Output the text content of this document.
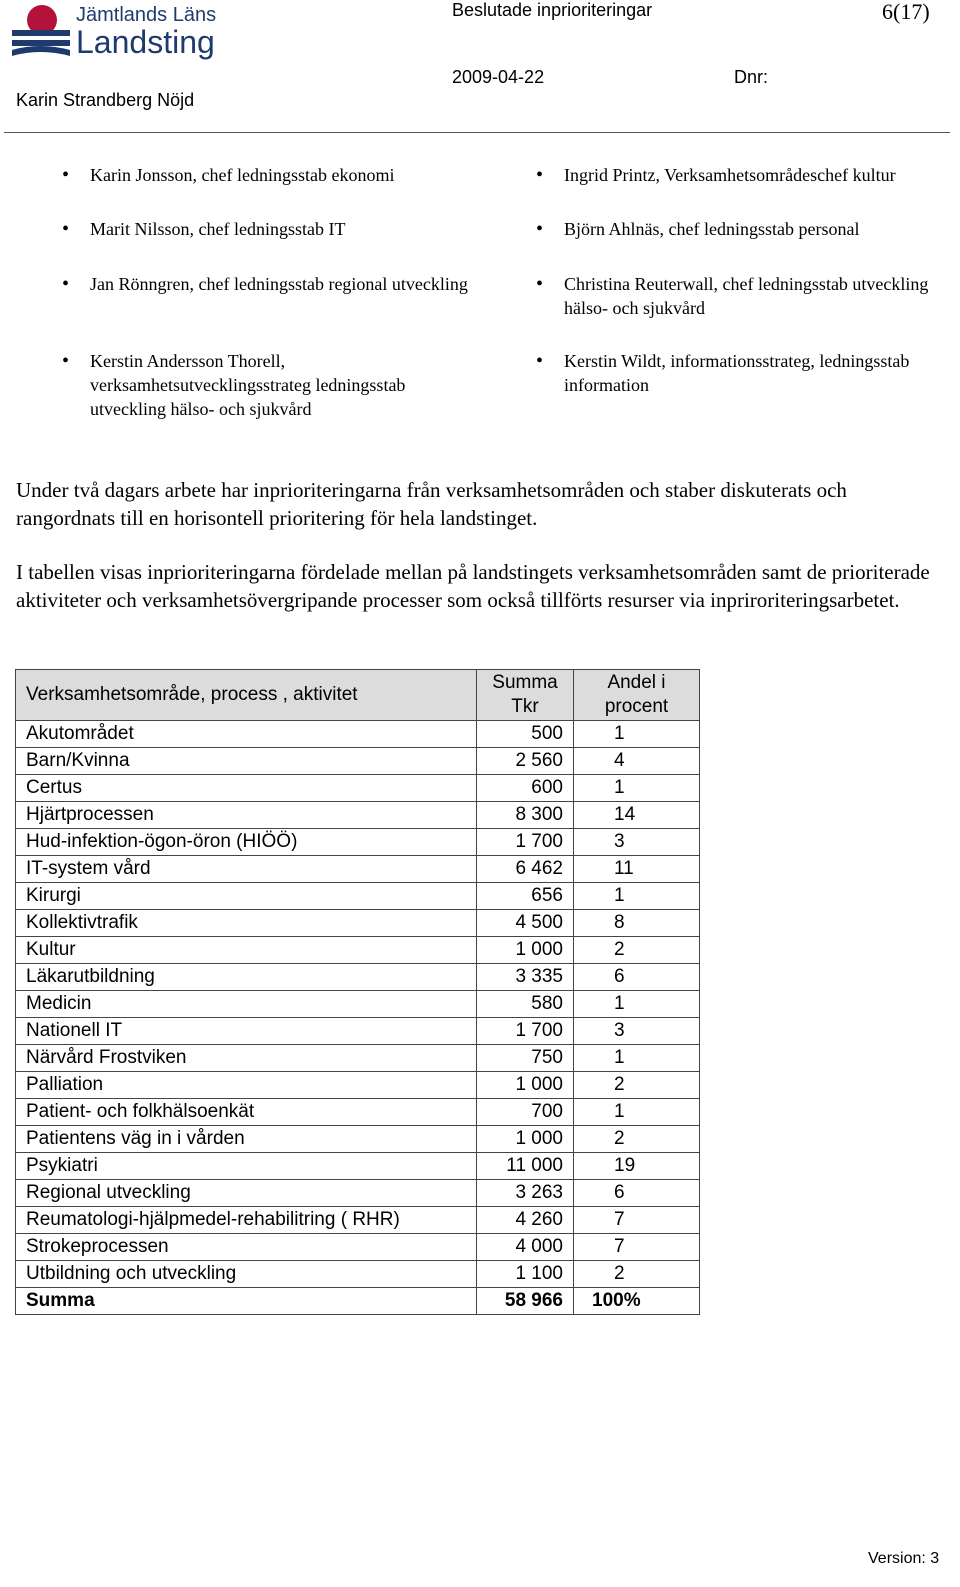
Jämtlands Läns
Landsting
Beslutade inprioriteringar	6(17)
2009-04-22	Dnr:
Karin Strandberg Nöjd
• Karin Jonsson, chef ledningsstab ekonomi
• Marit Nilsson, chef ledningsstab IT
• Jan Rönngren, chef ledningsstab regional utveckling
• Kerstin Andersson Thorell, verksamhetsutvecklingsstrateg ledningsstab utveckling hälso- och sjukvård
• Ingrid Printz, Verksamhetsområdeschef kultur
• Björn Ahlnäs, chef ledningsstab personal
• Christina Reuterwall, chef ledningsstab utveckling hälso- och sjukvård
• Kerstin Wildt, informationsstrateg, ledningsstab information

Under två dagars arbete har inprioriteringarna från verksamhetsområden och staber diskuterats och rangordnats till en horisontell prioritering för hela landstinget.

I tabellen visas inprioriteringarna fördelade mellan på landstingets verksamhetsområden samt de prioriterade aktiviteter och verksamhetsövergripande processer som också tillförts resurser via inpriroriteringsarbetet.

Verksamhetsområde, process , aktivitet	Summa Tkr	Andel i procent
Akutområdet	500	1
Barn/Kvinna	2 560	4
Certus	600	1
Hjärtprocessen	8 300	14
Hud-infektion-ögon-öron (HIÖÖ)	1 700	3
IT-system vård	6 462	11
Kirurgi	656	1
Kollektivtrafik	4 500	8
Kultur	1 000	2
Läkarutbildning	3 335	6
Medicin	580	1
Nationell IT	1 700	3
Närvård Frostviken	750	1
Palliation	1 000	2
Patient- och folkhälsoenkät	700	1
Patientens väg in i vården	1 000	2
Psykiatri	11 000	19
Regional utveckling	3 263	6
Reumatologi-hjälpmedel-rehabilitring ( RHR)	4 260	7
Strokeprocessen	4 000	7
Utbildning och utveckling	1 100	2
Summa	58 966	100%
Version: 3
